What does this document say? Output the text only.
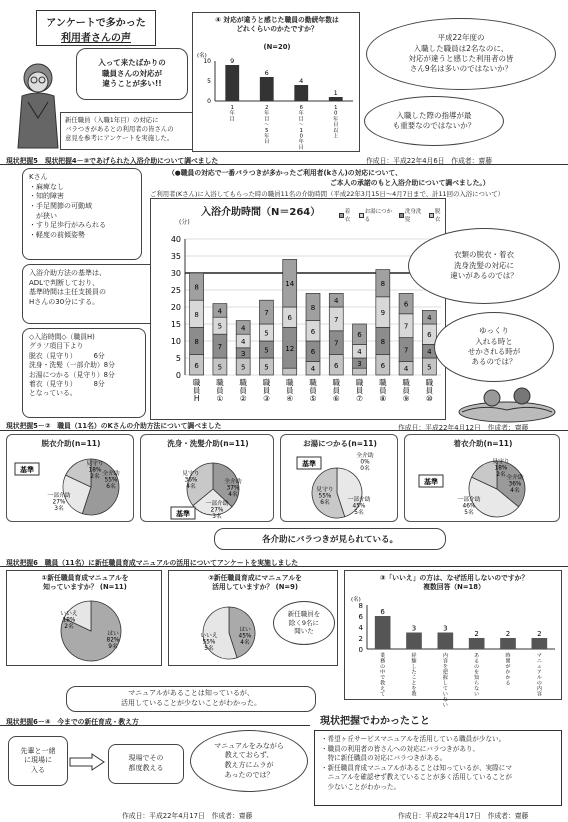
アンケートで多かった
利用者さんの声
入って来たばかりの
職員さんの対応が
違うことが多い!!
新任職員（入職1年目）の対応に
バラつきがあるとの利用者の皆さんの
意見を参考にアンケートを実施した。
④ 対応が違うと感じた職員の勤続年数は
どれくらいのかたですか？
(N=20)
(名)
10
5
0
9
1 年目
6
2 年目～ 5 年目
4
6 年目～ 1 0 年目
1
1 0 年目以上
平成22年度の
入職した職員は2名なのに、
対応が違うと感じた利用者の皆
さん9名は多いのではないか？
入職した際の指導が最
も重要なのではないか？
現状把握5　現状把握4－③であげられた入浴介助について調べました	作成日：平成22年4月6日　作成者：齋藤
（●職員の対応で一番バラつきが多かったご利用者(kさん)の対応について、
ご本人の承諾のもと入浴介助について調べました。）
ご利用者(Kさん)に入浴してもらった時の職員11名の介助時間（平成22年3月15日～4月7日まで、計11回の入浴について）
Kさん
・麻痺なし
・知的障害
・手足関節の可動域
　が狭い
・すり足歩行がみられる
・軽度の前傾姿勢
入浴介助方法の基準は、
ADLで判断しており、
基準時間は主任支援員の
Hさんの30分にする。
◇入浴時間◇（職員H)
グラフ項目下より
脱衣（見守り）　　　6分
洗身・洗髪（一部介助）8分
お湯につかる（見守り）8分
着衣（見守り）　　　8分
となっている。
入浴介助時間（N＝264）
(分)
着衣
お湯につかる
洗身洗髪
脱衣
40
35
30
25
20
15
10
5
0
6
8
8
8
職員 H
5
7
5
4
職員 ①
5
3
4
4
職員 ②
5
5
5
7
職員 ③
12
6
14
職員 ④
4
6
6
8
職員 ⑤
6
7
7
4
職員 ⑥
3
4
6
職員 ⑦
6
8
9
8
職員 ⑧
4
7
7
6
職員 ⑨
5
4
6
4
職員 ⑩
衣類の脱衣・着衣
洗身洗髪の対応に
違いがあるのでは？
ゆっくり
入れる時と
せかされる時が
あるのでは？
現状把握5－②　職員（11名）のKさんの介助方法について調べました	作成日：平成22年4月12日　作成者：齋藤
脱衣介助(n=11)
全介助 55% 6名
一部介助 27% 3名
見守り 18% 2名
基準
洗身・洗髪介助(n=11)
全介助 37% 4名
一部介助 27% 3名
見守り 36% 4名
基準
お湯につかる(n=11)
全介助 0% 0名
一部介助 45% 5名
見守り 55% 6名
基準
着衣介助(n=11)
全介助 36% 4名
一部介助 46% 5名
見守り 18% 2名
基準
各介助にバラつきが見られている。
現状把握6　職員（11名）に新任職員育成マニュアルの活用についてアンケートを実施しました
①新任職員育成マニュアルを
知っていますか？ (N=11)
はい 82% 9名
いいえ 18% 2名
②新任職員育成にマニュアルを
活用していますか？ (N=9)
はい 45% 4名
いいえ 55% 5名
新任職員を
除く9名に
聞いた
③「いいえ」の方は、なぜ活用しないのですか？
複数回答（N=18）
(名)
8
6
4
2
0
6
業務の中で教えて
3
経験したことを教
3
内容を把握していない
2
あるのを知らない
2
時間がかかる
2
マニュアルの内容
マニュアルがあることは知っているが、
活用していることが少ないことがわかった。
現状把握6－④　今までの新任育成・教え方
先輩と一緒
に現場に
入る
現場でその
都度教える
マニュアルをみながら
教えておらず、
教え方にムラが
あったのでは？
作成日：平成22年4月17日　作成者：齋藤
現状把握でわかったこと
・希望ヶ丘サービスマニュアルを活用している職員が少ない。
・職員の利用者の皆さんへの対応にバラつきがあり、
　特に新任職員の対応にバラつきがある。
・新任職員育成マニュアルがあることは知っているが、実際にマ
　ニュアルを確認せず教えていることが多く活用していることが
　少ないことがわかった。
作成日：平成22年4月17日　作成者：齋藤
